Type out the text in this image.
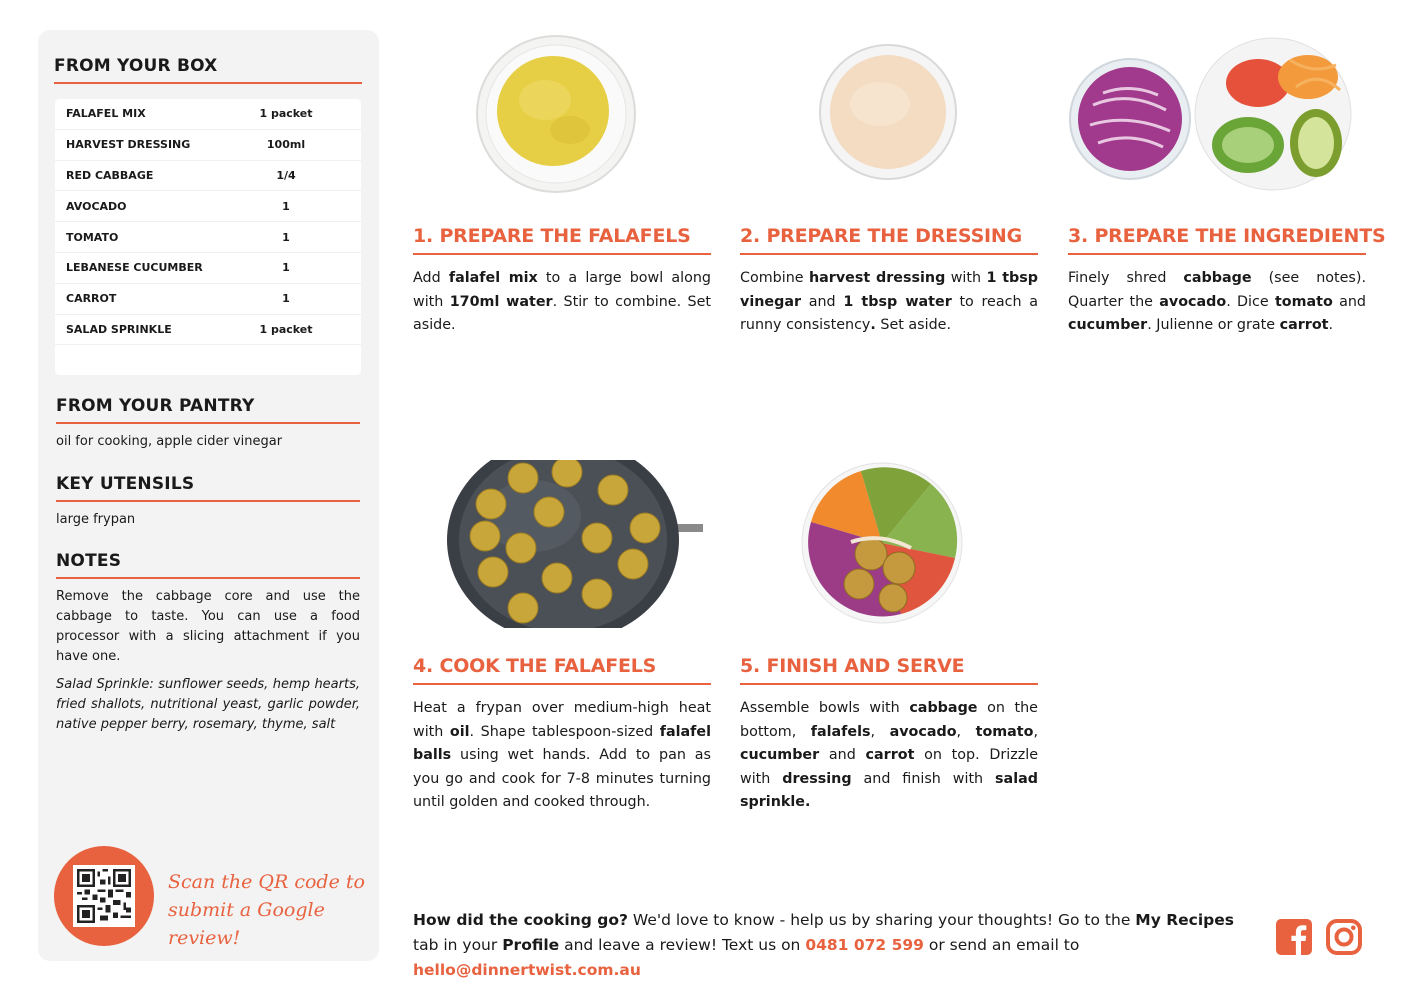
FROM YOUR BOX
FALAFEL MIX	1 packet
HARVEST DRESSING	100ml
RED CABBAGE	1/4
AVOCADO	1
TOMATO	1
LEBANESE CUCUMBER	1
CARROT	1
SALAD SPRINKLE	1 packet
FROM YOUR PANTRY
oil for cooking, apple cider vinegar
KEY UTENSILS
large frypan
NOTES
Remove the cabbage core and use the cabbage to taste. You can use a food processor with a slicing attachment if you have one.
Salad Sprinkle: sunflower seeds, hemp hearts, fried shallots, nutritional yeast, garlic powder, native pepper berry, rosemary, thyme, salt
Scan the QR code to
submit a Google review!
1. PREPARE THE FALAFELS
Add falafel mix to a large bowl along with 170ml water. Stir to combine. Set aside.
2. PREPARE THE DRESSING
Combine harvest dressing with 1 tbsp vinegar and 1 tbsp water to reach a runny consistency. Set aside.
3. PREPARE THE INGREDIENTS
Finely shred cabbage (see notes). Quarter the avocado. Dice tomato and cucumber. Julienne or grate carrot.
4. COOK THE FALAFELS
Heat a frypan over medium-high heat with oil. Shape tablespoon-sized falafel balls using wet hands. Add to pan as you go and cook for 7-8 minutes turning until golden and cooked through.
5. FINISH AND SERVE
Assemble bowls with cabbage on the bottom, falafels, avocado, tomato, cucumber and carrot on top. Drizzle with dressing and finish with salad sprinkle.
How did the cooking go? We'd love to know - help us by sharing your thoughts! Go to the My Recipes tab in your Profile and leave a review! Text us on 0481 072 599 or send an email to hello@dinnertwist.com.au
